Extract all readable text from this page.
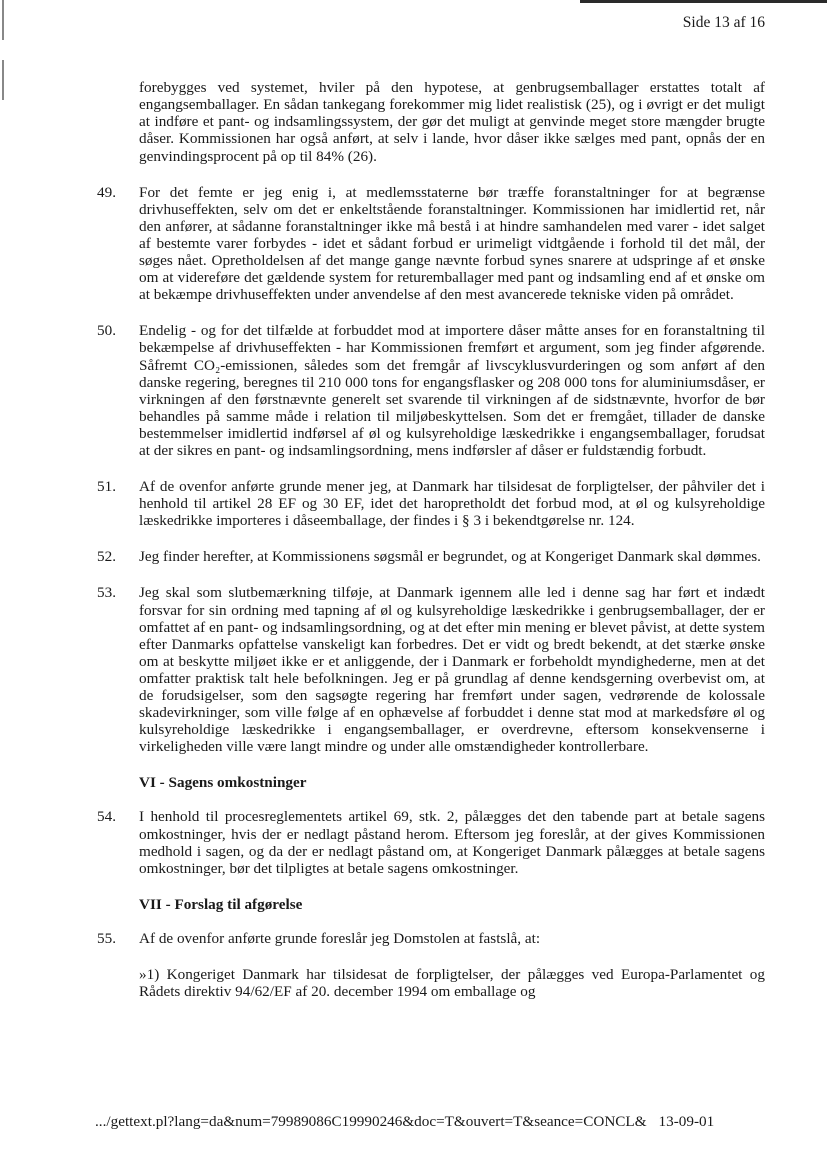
Side 13 af 16

forebygges ved systemet, hviler på den hypotese, at genbrugsemballager erstattes totalt af engangsemballager. En sådan tankegang forekommer mig lidet realistisk (25), og i øvrigt er det muligt at indføre et pant- og indsamlingssystem, der gør det muligt at genvinde meget store mængder brugte dåser. Kommissionen har også anført, at selv i lande, hvor dåser ikke sælges med pant, opnås der en genvindingsprocent på op til 84% (26).

49.	For det femte er jeg enig i, at medlemsstaterne bør træffe foranstaltninger for at begrænse drivhuseffekten, selv om det er enkeltstående foranstaltninger. Kommissionen har imidlertid ret, når den anfører, at sådanne foranstaltninger ikke må bestå i at hindre samhandelen med varer - idet salget af bestemte varer forbydes - idet et sådant forbud er urimeligt vidtgående i forhold til det mål, der søges nået. Opretholdelsen af det mange gange nævnte forbud synes snarere at udspringe af et ønske om at videreføre det gældende system for returemballager med pant og indsamling end af et ønske om at bekæmpe drivhuseffekten under anvendelse af den mest avancerede tekniske viden på området.

50.	Endelig - og for det tilfælde at forbuddet mod at importere dåser måtte anses for en foranstaltning til bekæmpelse af drivhuseffekten - har Kommissionen fremført et argument, som jeg finder afgørende. Såfremt CO₂-emissionen, således som det fremgår af livscyklusvurderingen og som anført af den danske regering, beregnes til 210 000 tons for engangsflasker og 208 000 tons for aluminiumsdåser, er virkningen af den førstnævnte generelt set svarende til virkningen af de sidstnævnte, hvorfor de bør behandles på samme måde i relation til miljøbeskyttelsen. Som det er fremgået, tillader de danske bestemmelser imidlertid indførsel af øl og kulsyreholdige læskedrikke i engangsemballager, forudsat at der sikres en pant- og indsamlingsordning, mens indførsler af dåser er fuldstændig forbudt.

51.	Af de ovenfor anførte grunde mener jeg, at Danmark har tilsidesat de forpligtelser, der påhviler det i henhold til artikel 28 EF og 30 EF, idet det haropretholdt det forbud mod, at øl og kulsyreholdige læskedrikke importeres i dåseemballage, der findes i § 3 i bekendtgørelse nr. 124.

52.	Jeg finder herefter, at Kommissionens søgsmål er begrundet, og at Kongeriget Danmark skal dømmes.

53.	Jeg skal som slutbemærkning tilføje, at Danmark igennem alle led i denne sag har ført et indædt forsvar for sin ordning med tapning af øl og kulsyreholdige læskedrikke i genbrugsemballager, der er omfattet af en pant- og indsamlingsordning, og at det efter min mening er blevet påvist, at dette system efter Danmarks opfattelse vanskeligt kan forbedres. Det er vidt og bredt bekendt, at det stærke ønske om at beskytte miljøet ikke er et anliggende, der i Danmark er forbeholdt myndighederne, men at det omfatter praktisk talt hele befolkningen. Jeg er på grundlag af denne kendsgerning overbevist om, at de forudsigelser, som den sagsøgte regering har fremført under sagen, vedrørende de kolossale skadevirkninger, som ville følge af en ophævelse af forbuddet i denne stat mod at markedsføre øl og kulsyreholdige læskedrikke i engangsemballager, er overdrevne, eftersom konsekvenserne i virkeligheden ville være langt mindre og under alle omstændigheder kontrollerbare.

VI - Sagens omkostninger
54.	I henhold til procesreglementets artikel 69, stk. 2, pålægges det den tabende part at betale sagens omkostninger, hvis der er nedlagt påstand herom. Eftersom jeg foreslår, at der gives Kommissionen medhold i sagen, og da der er nedlagt påstand om, at Kongeriget Danmark pålægges at betale sagens omkostninger, bør det tilpligtes at betale sagens omkostninger.

VII - Forslag til afgørelse
55.	Af de ovenfor anførte grunde foreslår jeg Domstolen at fastslå, at:

»1) Kongeriget Danmark har tilsidesat de forpligtelser, der pålægges ved Europa-Parlamentet og Rådets direktiv 94/62/EF af 20. december 1994 om emballage og

.../gettext.pl?lang=da&num=79989086C19990246&doc=T&ouvert=T&seance=CONCL& 13-09-01
